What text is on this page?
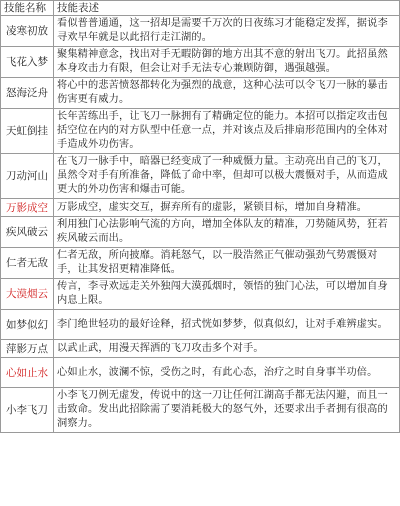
技能名称	技能表述
凌寒初放	看似普普通通，这一招却是需要千万次的日夜练习才能稳定发挥，据说李寻欢早年就是以此招行走江湖的。
飞花入梦	聚集精神意念，找出对手无暇防御的地方出其不意的射出飞刀。此招虽然本身攻击力有限，但会让对手无法专心兼顾防御，遇强越强。
怒海泛舟	将心中的悲苦愤怒都转化为强烈的战意，这种心法可以令飞刀一脉的暴击伤害更有威力。
天虹倒挂	长年苦练出手，让飞刀一脉拥有了精确定位的能力。本招可以指定攻击包括空位在内的对方队型中任意一点，并对该点及后排扇形范围内的全体对手造成外功伤害。
刀动河山	在飞刀一脉手中，暗器已经变成了一种威慑力量。主动亮出自己的飞刀，虽然令对手有所准备，降低了命中率，但却可以极大震慑对手，从而造成更大的外功伤害和爆击可能。
万影成空	万影成空，虚实交互，摒弃所有的虚影，紧锁目标，增加自身精准。
疾风破云	利用独门心法影响气流的方向，增加全体队友的精准，刀势随风势，狂若疾风破云而出。
仁者无敌	仁者无敌，所向披靡。消耗怒气，以一股浩然正气催动强劲气势震慑对手，让其发招更精准降低。
大漠烟云	传言，李寻欢远走关外独闯大漠孤烟时，领悟的独门心法，可以增加自身内息上限。
如梦似幻	李门绝世轻功的最好诠释，招式恍如梦梦，似真似幻，让对手难辨虚实。
萍影万点	以武止武，用漫天挥洒的飞刀攻击多个对手。
心如止水	心如止水，波澜不惊，受伤之时，有此心态，治疗之时自身事半功倍。
小李飞刀	小李飞刀例无虚发，传说中的这一刀让任何江湖高手都无法闪避，而且一击致命。发出此招除需了要消耗极大的怒气外，还要求出手者拥有很高的洞察力。
